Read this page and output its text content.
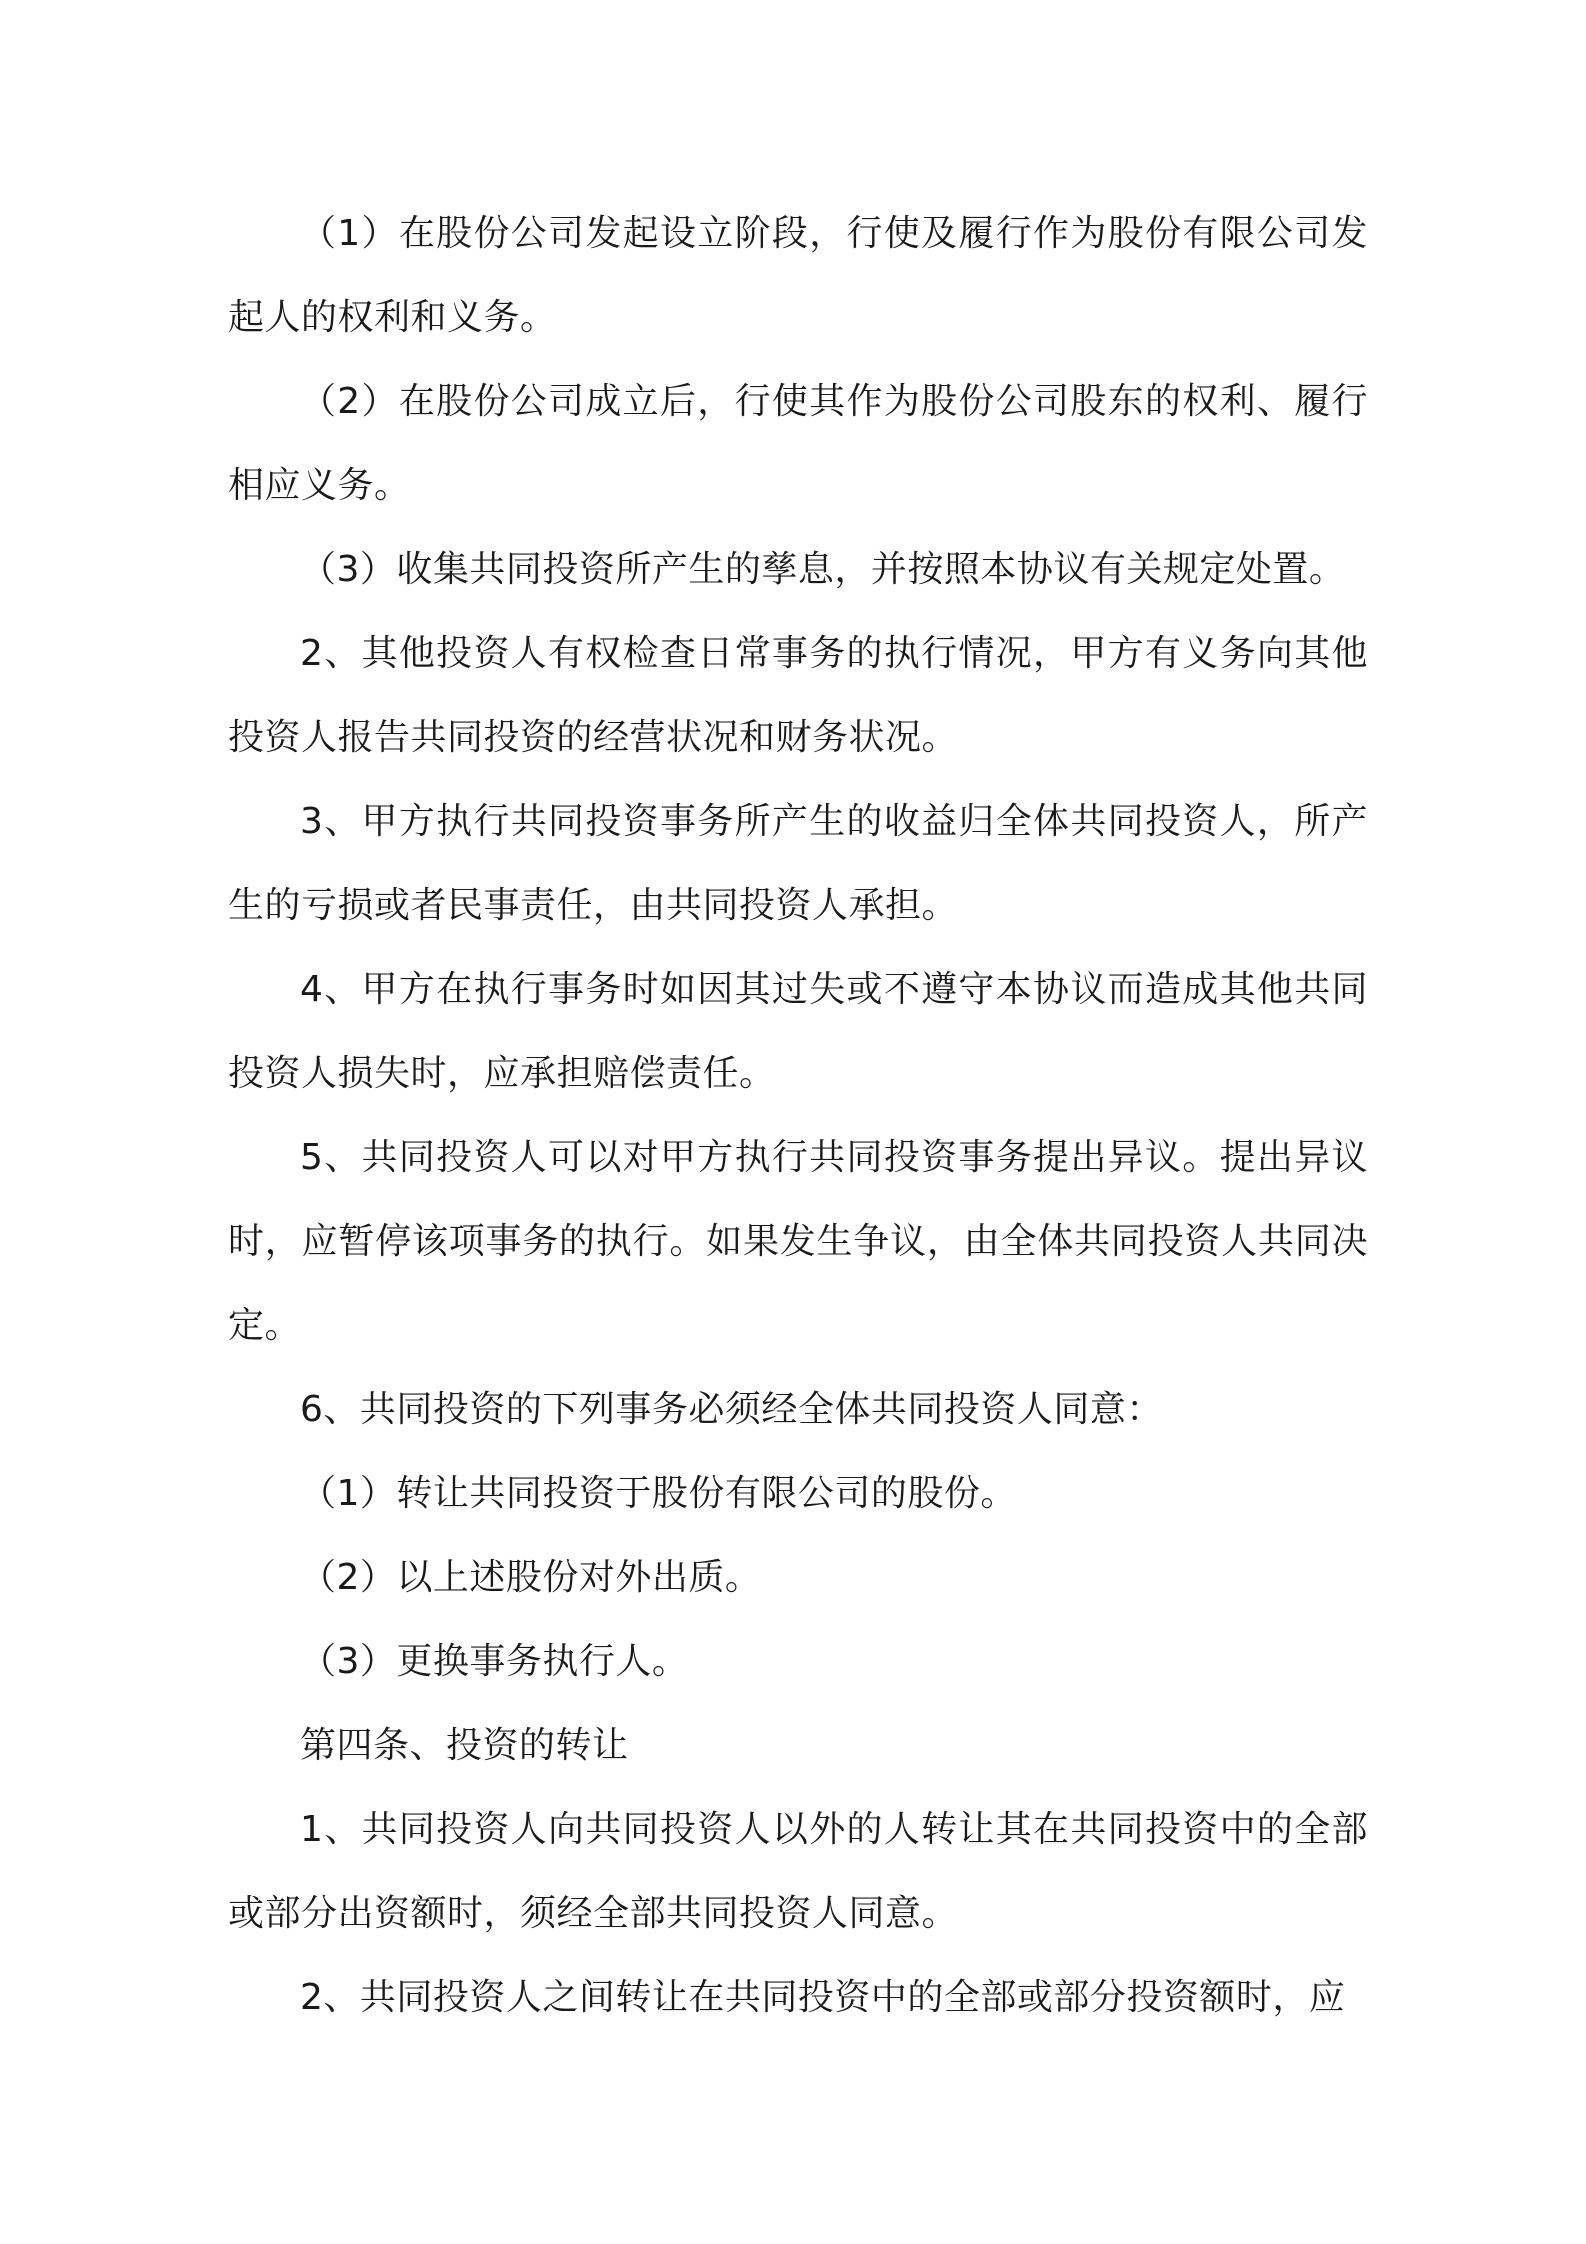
（1）在股份公司发起设立阶段，行使及履行作为股份有限公司发起人的权利和义务。

（2）在股份公司成立后，行使其作为股份公司股东的权利、履行相应义务。

（3）收集共同投资所产生的孳息，并按照本协议有关规定处置。

2、其他投资人有权检查日常事务的执行情况，甲方有义务向其他投资人报告共同投资的经营状况和财务状况。

3、甲方执行共同投资事务所产生的收益归全体共同投资人，所产生的亏损或者民事责任，由共同投资人承担。

4、甲方在执行事务时如因其过失或不遵守本协议而造成其他共同投资人损失时，应承担赔偿责任。

5、共同投资人可以对甲方执行共同投资事务提出异议。提出异议时，应暂停该项事务的执行。如果发生争议，由全体共同投资人共同决定。

6、共同投资的下列事务必须经全体共同投资人同意：

（1）转让共同投资于股份有限公司的股份。

（2）以上述股份对外出质。

（3）更换事务执行人。

第四条、投资的转让

1、共同投资人向共同投资人以外的人转让其在共同投资中的全部或部分出资额时，须经全部共同投资人同意。

2、共同投资人之间转让在共同投资中的全部或部分投资额时，应
